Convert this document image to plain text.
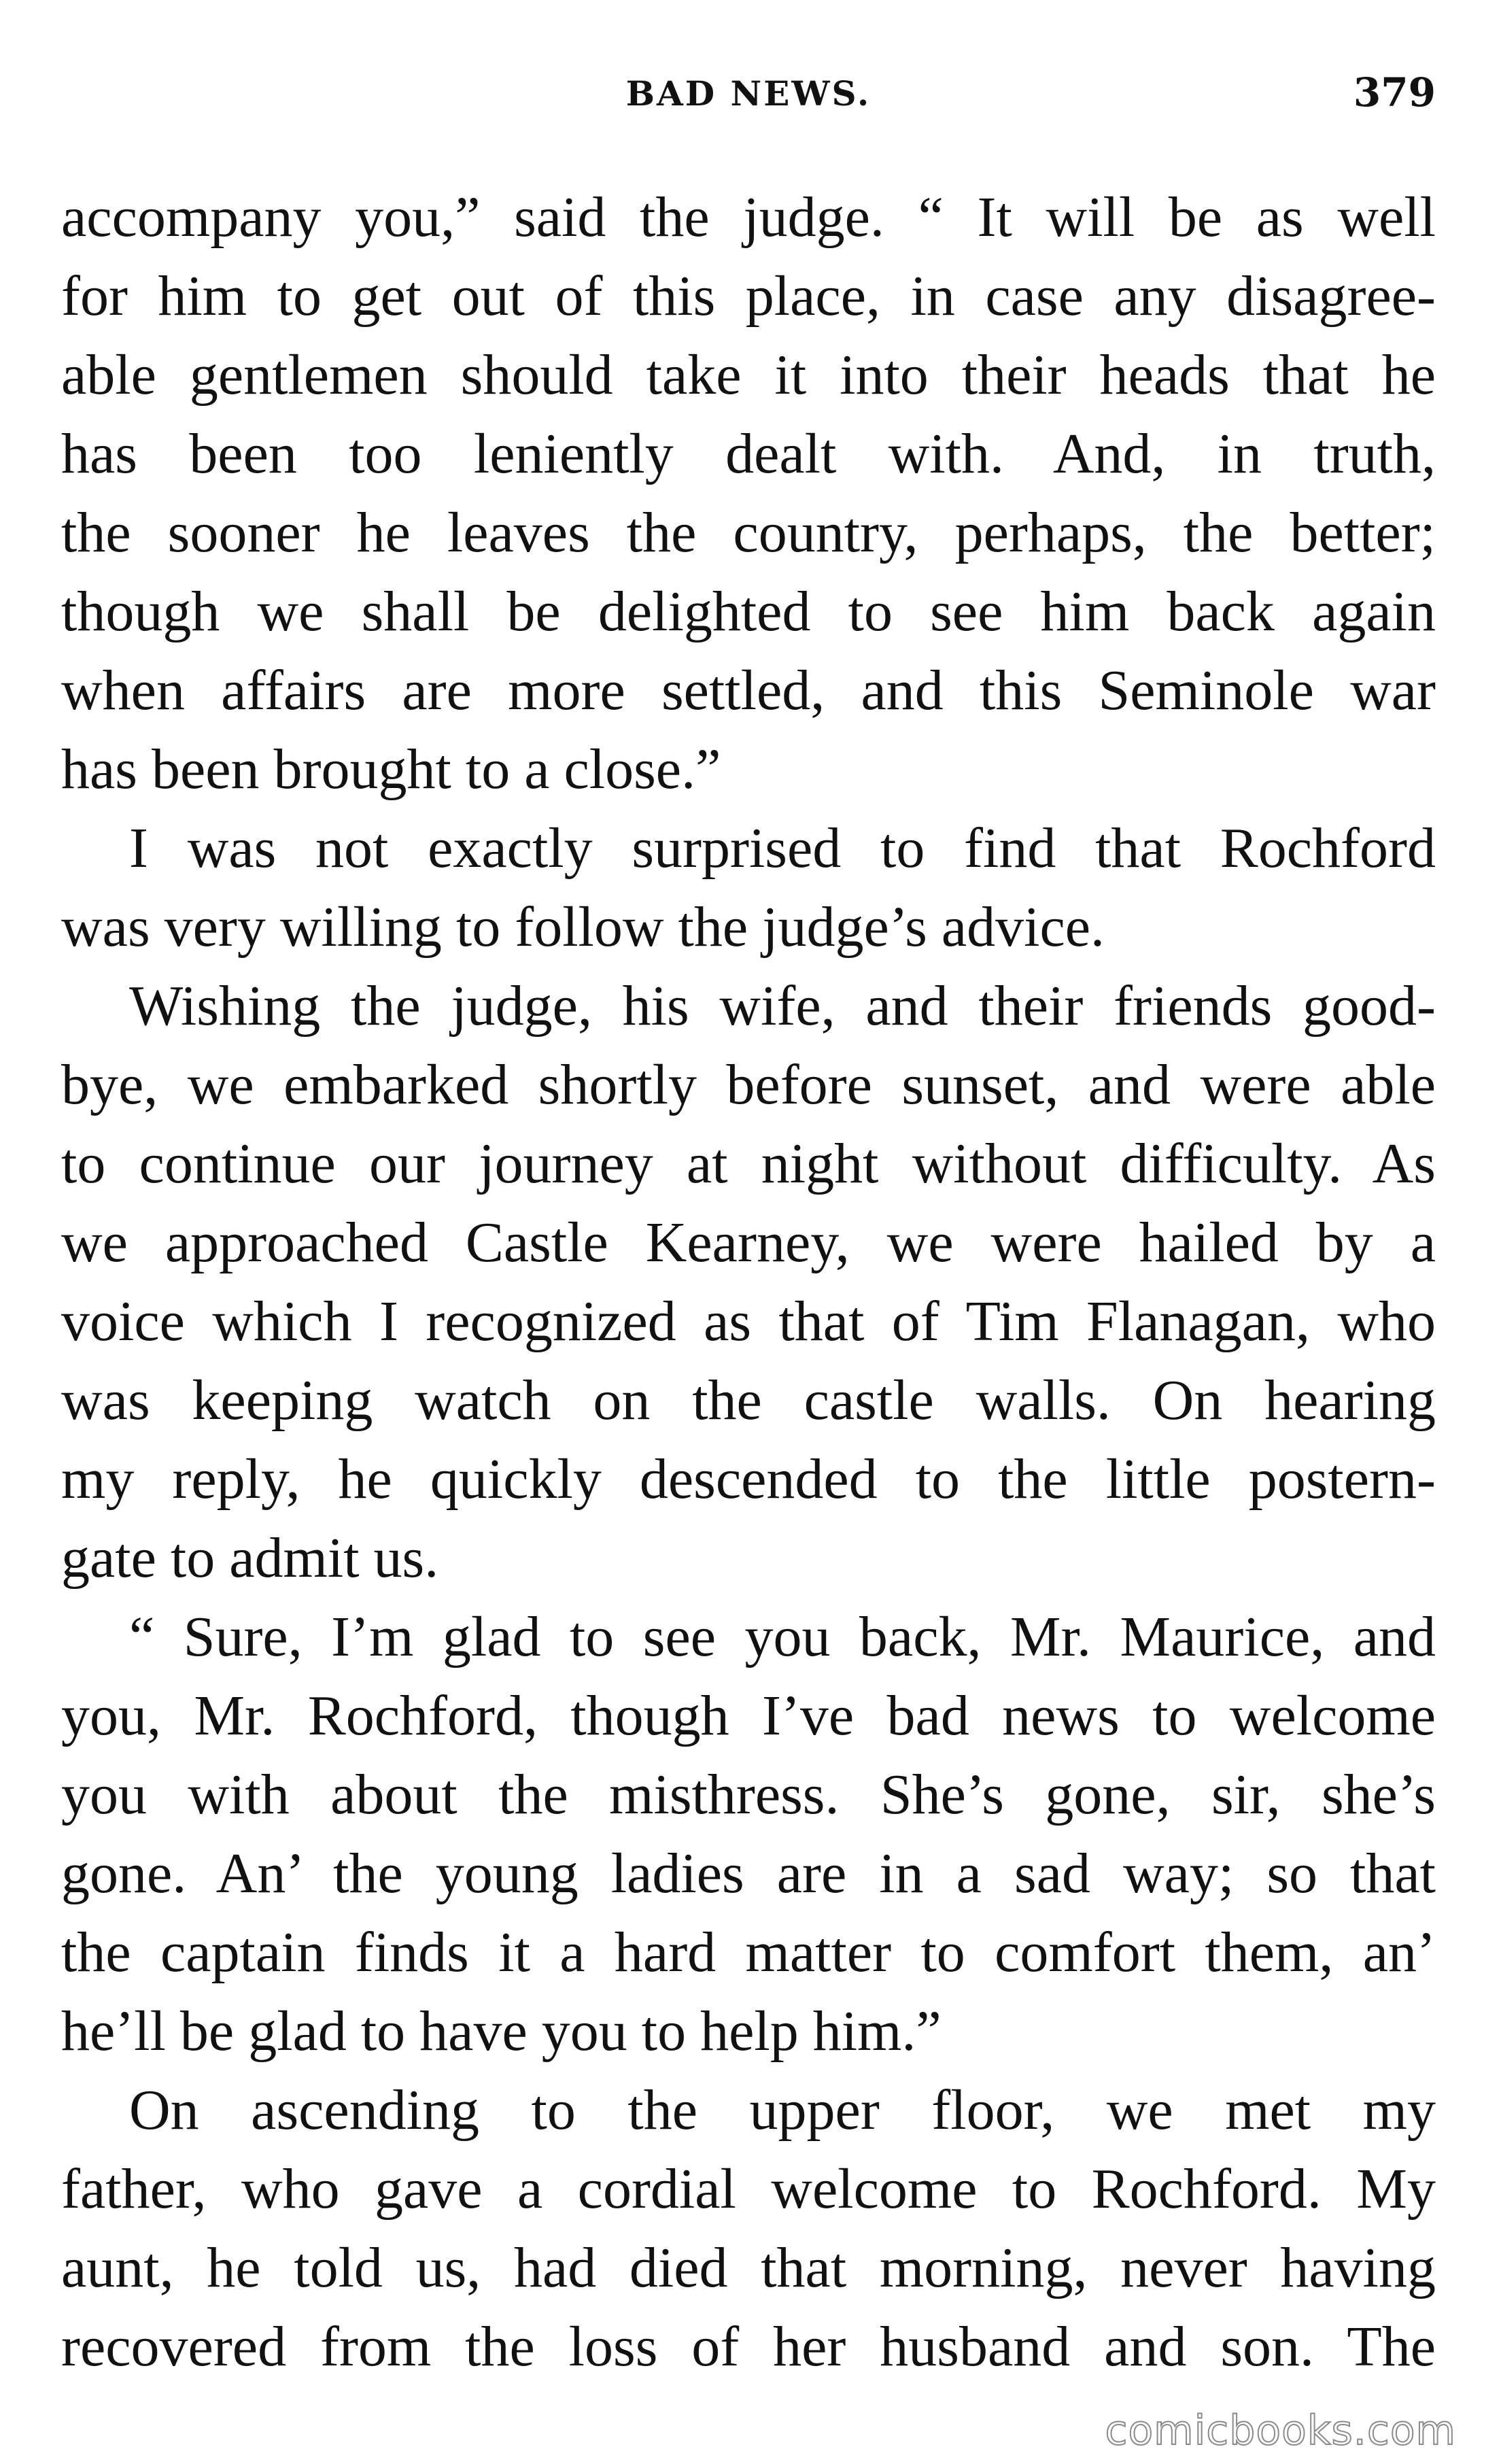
BAD NEWS.	379

accompany you,” said the judge. “ It will be as well
for him to get out of this place, in case any disagree-
able gentlemen should take it into their heads that he
has been too leniently dealt with. And, in truth,
the sooner he leaves the country, perhaps, the better;
though we shall be delighted to see him back again
when affairs are more settled, and this Seminole war
has been brought to a close.”

I was not exactly surprised to find that Rochford
was very willing to follow the judge’s advice.

Wishing the judge, his wife, and their friends good-
bye, we embarked shortly before sunset, and were able
to continue our journey at night without difficulty. As
we approached Castle Kearney, we were hailed by a
voice which I recognized as that of Tim Flanagan, who
was keeping watch on the castle walls. On hearing
my reply, he quickly descended to the little postern-
gate to admit us.

“ Sure, I’m glad to see you back, Mr. Maurice, and
you, Mr. Rochford, though I’ve bad news to welcome
you with about the misthress. She’s gone, sir, she’s
gone. An’ the young ladies are in a sad way; so that
the captain finds it a hard matter to comfort them, an’
he’ll be glad to have you to help him.”

On ascending to the upper floor, we met my
father, who gave a cordial welcome to Rochford. My
aunt, he told us, had died that morning, never having
recovered from the loss of her husband and son. The

comicbooks.com
